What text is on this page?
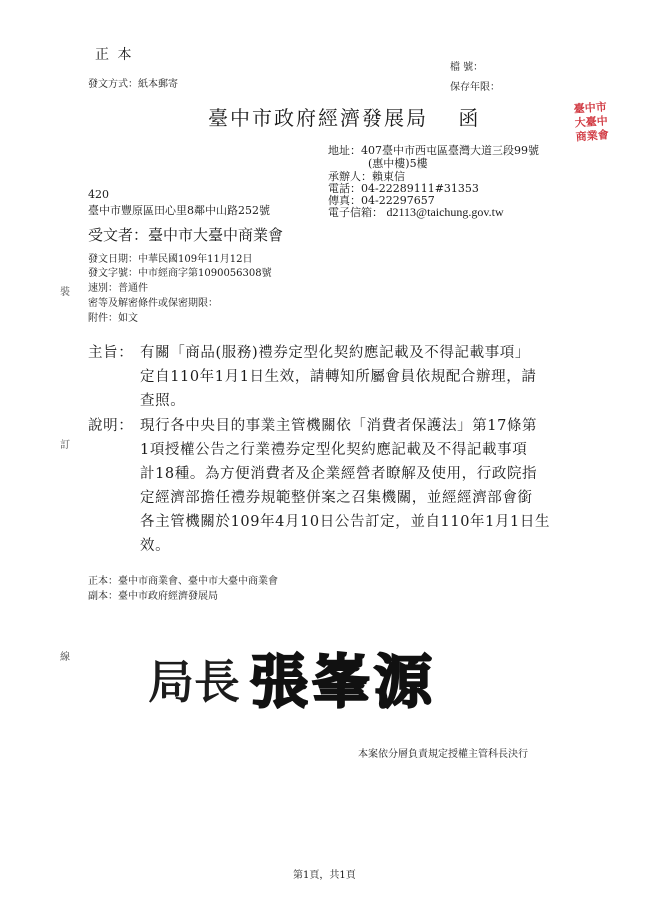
正 本
檔 號：
保存年限：
發文方式：紙本郵寄
臺中市政府經濟發展局 函	臺中市
大臺中
商業會
地址：407臺中市西屯區臺灣大道三段99號
(惠中樓)5樓
承辦人：賴東信
電話：04-22289111#31353
傳真：04-22297657
電子信箱： d2113@taichung.gov.tw
420
臺中市豐原區田心里8鄰中山路252號
受文者：臺中市大臺中商業會
發文日期：中華民國109年11月12日
發文字號：中市經商字第1090056308號
速別：普通件
密等及解密條件或保密期限：
附件：如文
裝
訂
線
主旨： 有關「商品(服務)禮券定型化契約應記載及不得記載事項」
定自110年1月1日生效，請轉知所屬會員依規配合辦理，請
查照。
說明： 現行各中央目的事業主管機關依「消費者保護法」第17條第
1項授權公告之行業禮券定型化契約應記載及不得記載事項
計18種。為方便消費者及企業經營者瞭解及使用，行政院指
定經濟部擔任禮券規範整併案之召集機關，並經經濟部會銜
各主管機關於109年4月10日公告訂定，並自110年1月1日生
效。
正本：臺中市商業會、臺中市大臺中商業會
副本：臺中市政府經濟發展局
局長 張峯源
本案依分層負責規定授權主管科長決行
第1頁，共1頁
